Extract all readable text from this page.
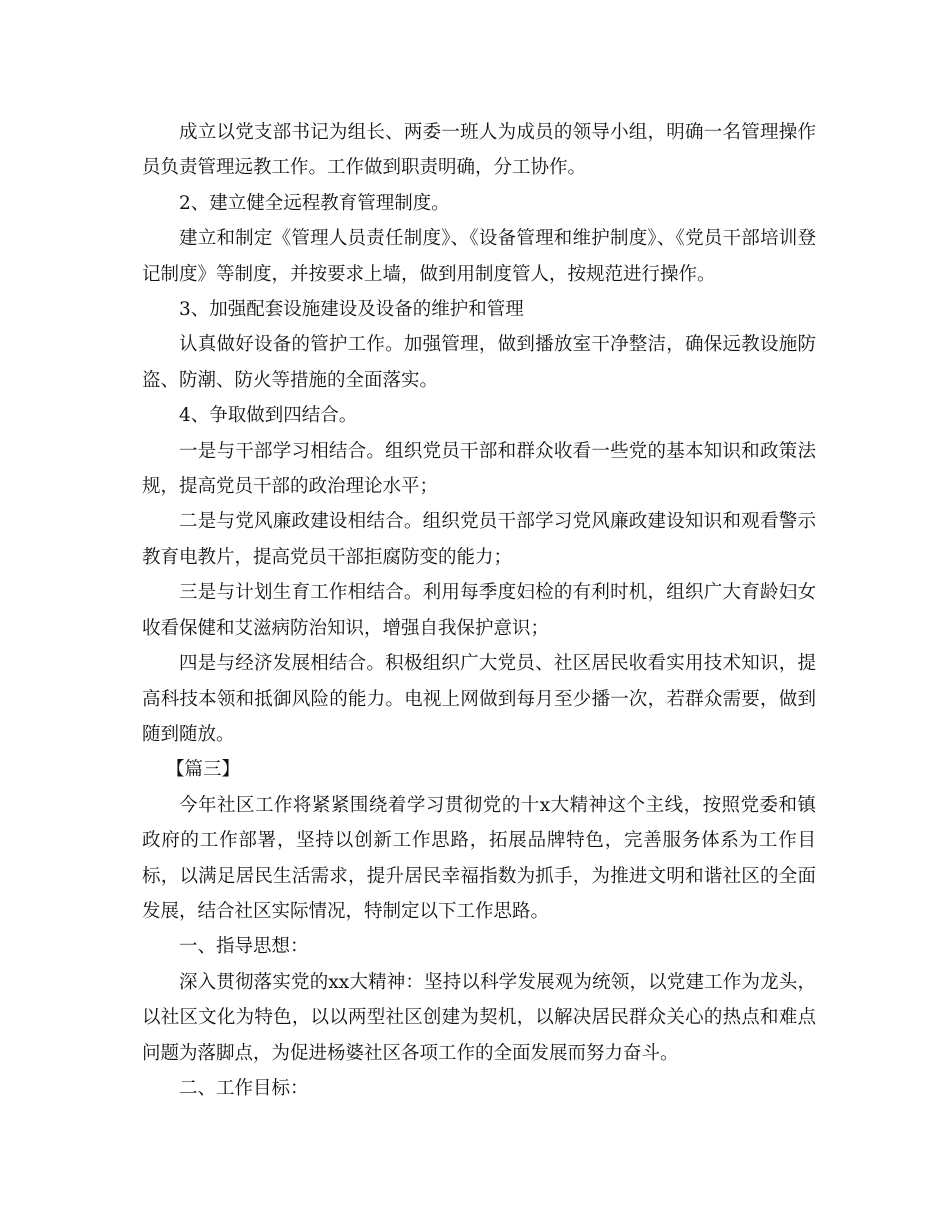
成立以党支部书记为组长、两委一班人为成员的领导小组，明确一名管理操作员负责管理远教工作。工作做到职责明确，分工协作。

2、建立健全远程教育管理制度。

建立和制定《管理人员责任制度》、《设备管理和维护制度》、《党员干部培训登记制度》等制度，并按要求上墙，做到用制度管人，按规范进行操作。

3、加强配套设施建设及设备的维护和管理

认真做好设备的管护工作。加强管理，做到播放室干净整洁，确保远教设施防盗、防潮、防火等措施的全面落实。

4、争取做到四结合。

一是与干部学习相结合。组织党员干部和群众收看一些党的基本知识和政策法规，提高党员干部的政治理论水平；

二是与党风廉政建设相结合。组织党员干部学习党风廉政建设知识和观看警示教育电教片，提高党员干部拒腐防变的能力；

三是与计划生育工作相结合。利用每季度妇检的有利时机，组织广大育龄妇女收看保健和艾滋病防治知识，增强自我保护意识；

四是与经济发展相结合。积极组织广大党员、社区居民收看实用技术知识，提高科技本领和抵御风险的能力。电视上网做到每月至少播一次，若群众需要，做到随到随放。

【篇三】

今年社区工作将紧紧围绕着学习贯彻党的十x大精神这个主线，按照党委和镇政府的工作部署，坚持以创新工作思路，拓展品牌特色，完善服务体系为工作目标，以满足居民生活需求，提升居民幸福指数为抓手，为推进文明和谐社区的全面发展，结合社区实际情况，特制定以下工作思路。

一、指导思想：

深入贯彻落实党的xx大精神：坚持以科学发展观为统领，以党建工作为龙头，以社区文化为特色，以以两型社区创建为契机，以解决居民群众关心的热点和难点问题为落脚点，为促进杨婆社区各项工作的全面发展而努力奋斗。

二、工作目标：
